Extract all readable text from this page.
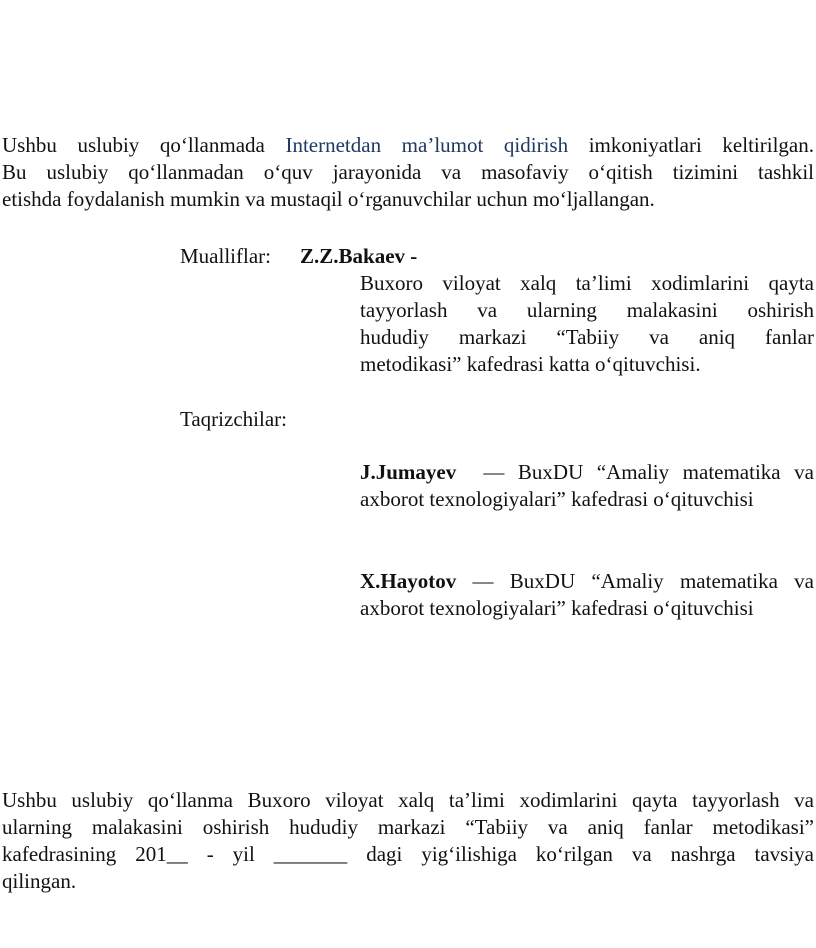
Ushbu uslubiy qo‘llanmada Internetdan ma’lumot qidirish imkoniyatlari keltirilgan.
Bu uslubiy qo‘llanmadan o‘quv jarayonida va masofaviy o‘qitish tizimini tashkil
etishda foydalanish mumkin va mustaqil o‘rganuvchilar uchun mo‘ljallangan.
Mualliflar: Z.Z.Bakaev -
Buxoro viloyat xalq ta’limi xodimlarini qayta
tayyorlash va ularning malakasini oshirish
hududiy markazi “Tabiiy va aniq fanlar
metodikasi” kafedrasi katta o‘qituvchisi.
Taqrizchilar:
J.Jumayev  — BuxDU “Amaliy matematika va
axborot texnologiyalari” kafedrasi o‘qituvchisi
X.Hayotov — BuxDU “Amaliy matematika va
axborot texnologiyalari” kafedrasi o‘qituvchisi
Ushbu uslubiy qo‘llanma Buxoro viloyat xalq ta’limi xodimlarini qayta tayyorlash va
ularning malakasini oshirish hududiy markazi “Tabiiy va aniq fanlar metodikasi”
kafedrasining 201__ - yil _______ dagi yig‘ilishiga ko‘rilgan va nashrga tavsiya
qilingan.
